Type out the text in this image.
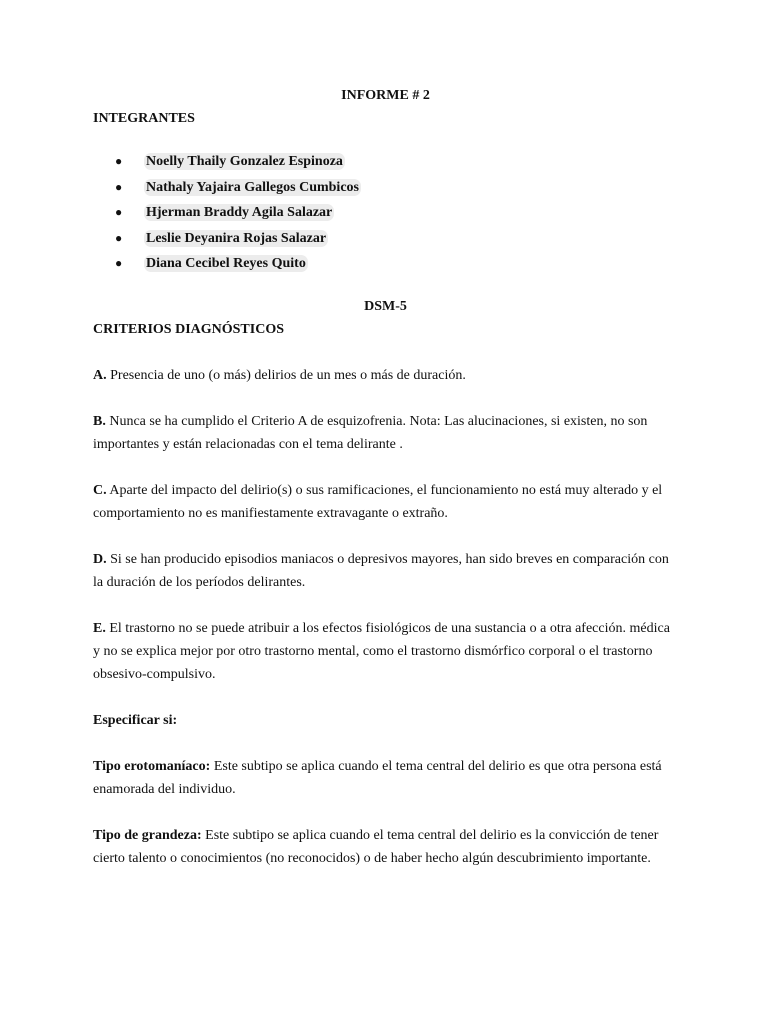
INFORME # 2

INTEGRANTES

● Noelly Thaily Gonzalez Espinoza
● Nathaly Yajaira Gallegos Cumbicos
● Hjerman Braddy Agila Salazar
● Leslie Deyanira Rojas Salazar
● Diana Cecibel Reyes Quito

DSM-5

CRITERIOS DIAGNÓSTICOS

A. Presencia de uno (o más) delirios de un mes o más de duración.

B. Nunca se ha cumplido el Criterio A de esquizofrenia. Nota: Las alucinaciones, si existen, no son importantes y están relacionadas con el tema delirante .

C. Aparte del impacto del delirio(s) o sus ramificaciones, el funcionamiento no está muy alterado y el comportamiento no es manifiestamente extravagante o extraño.

D. Si se han producido episodios maniacos o depresivos mayores, han sido breves en comparación con la duración de los períodos delirantes.

E. El trastorno no se puede atribuir a los efectos fisiológicos de una sustancia o a otra afección. médica y no se explica mejor por otro trastorno mental, como el trastorno dismórfico corporal o el trastorno obsesivo-compulsivo.

Especificar si:

Tipo erotomaníaco: Este subtipo se aplica cuando el tema central del delirio es que otra persona está enamorada del individuo.

Tipo de grandeza: Este subtipo se aplica cuando el tema central del delirio es la convicción de tener cierto talento o conocimientos (no reconocidos) o de haber hecho algún descubrimiento importante.
